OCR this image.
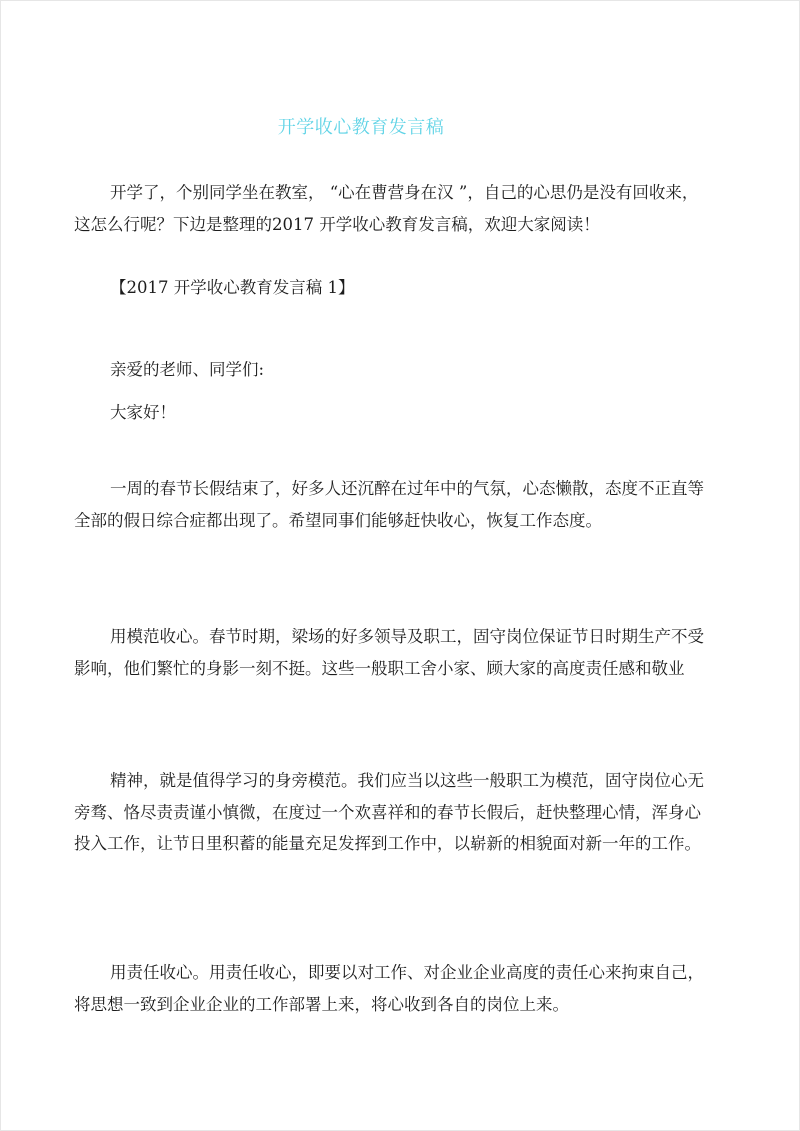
开学收心教育发言稿

开学了，个别同学坐在教室， “心在曹营身在汉 ”，自己的心思仍是没有回收来，这怎么行呢？下边是整理的2017 开学收心教育发言稿，欢迎大家阅读！

【2017 开学收心教育发言稿 1】

亲爱的老师、同学们:

大家好！

一周的春节长假结束了，好多人还沉醉在过年中的气氛，心态懒散，态度不正直等全部的假日综合症都出现了。希望同事们能够赶快收心，恢复工作态度。

用模范收心。春节时期，梁场的好多领导及职工，固守岗位保证节日时期生产不受影响，他们繁忙的身影一刻不挺。这些一般职工舍小家、顾大家的高度责任感和敬业

精神，就是值得学习的身旁模范。我们应当以这些一般职工为模范，固守岗位心无旁骛、恪尽责责谨小慎微，在度过一个欢喜祥和的春节长假后，赶快整理心情，浑身心投入工作，让节日里积蓄的能量充足发挥到工作中，以崭新的相貌面对新一年的工作。

用责任收心。用责任收心，即要以对工作、对企业企业高度的责任心来拘束自己，将思想一致到企业企业的工作部署上来，将心收到各自的岗位上来。
